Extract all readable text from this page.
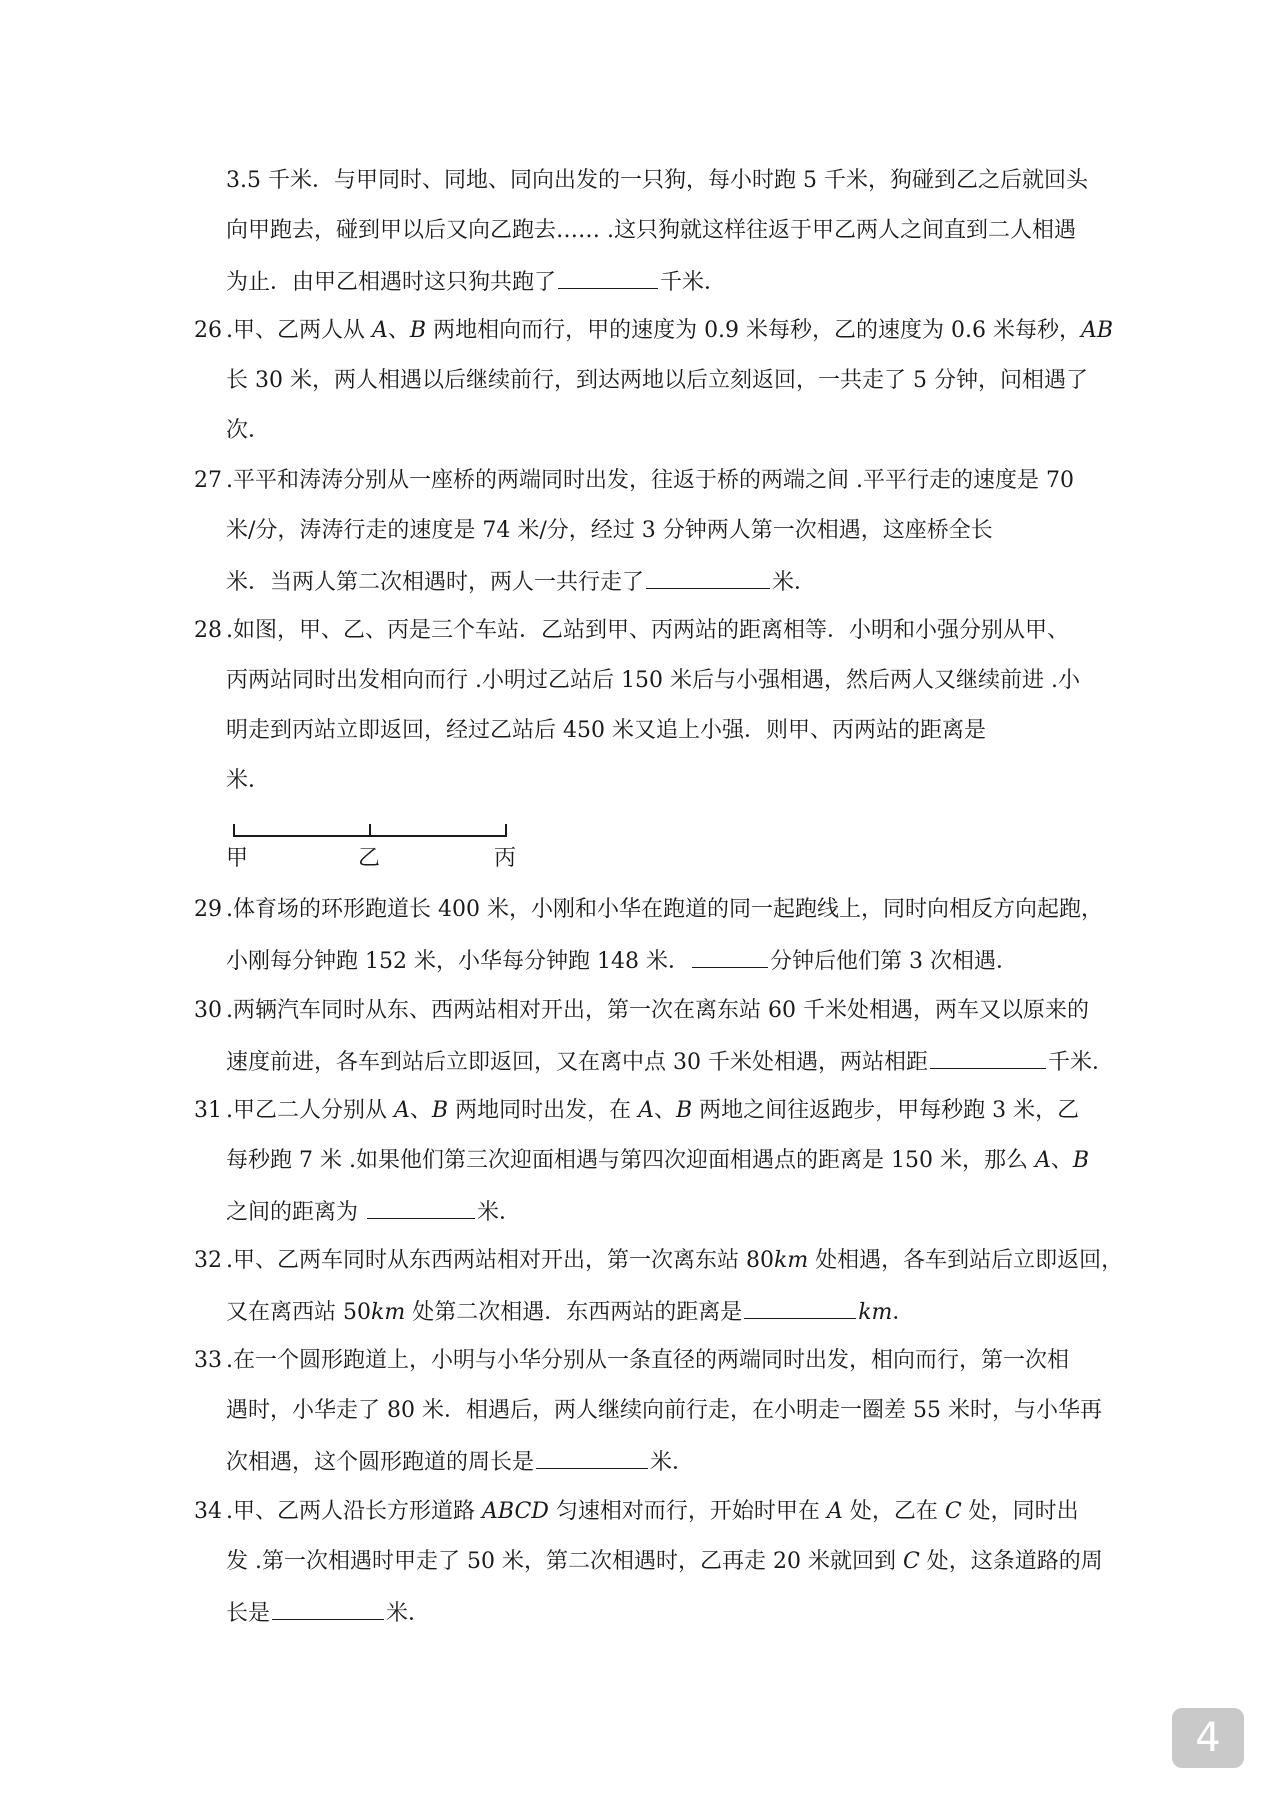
3.5 千米．与甲同时、同地、同向出发的一只狗，每小时跑 5 千米，狗碰到乙之后就回头
向甲跑去，碰到甲以后又向乙跑去…… .这只狗就这样往返于甲乙两人之间直到二人相遇
为止．由甲乙相遇时这只狗共跑了	千米．
26 .甲、乙两人从 A、B 两地相向而行，甲的速度为 0.9 米每秒，乙的速度为 0.6 米每秒，AB
长 30 米，两人相遇以后继续前行，到达两地以后立刻返回，一共走了 5 分钟，问相遇了
次．
27 .平平和涛涛分别从一座桥的两端同时出发，往返于桥的两端之间 .平平行走的速度是 70
米/分，涛涛行走的速度是 74 米/分，经过 3 分钟两人第一次相遇，这座桥全长
米．当两人第二次相遇时，两人一共行走了	米．
28 .如图，甲、乙、丙是三个车站．乙站到甲、丙两站的距离相等．小明和小强分别从甲、
丙两站同时出发相向而行 .小明过乙站后 150 米后与小强相遇，然后两人又继续前进 .小
明走到丙站立即返回，经过乙站后 450 米又追上小强．则甲、丙两站的距离是
米．
甲	乙	丙
29 .体育场的环形跑道长 400 米，小刚和小华在跑道的同一起跑线上，同时向相反方向起跑，
小刚每分钟跑 152 米，小华每分钟跑 148 米．	分钟后他们第 3 次相遇．
30 .两辆汽车同时从东、西两站相对开出，第一次在离东站 60 千米处相遇，两车又以原来的
速度前进，各车到站后立即返回，又在离中点 30 千米处相遇，两站相距	千米．
31 .甲乙二人分别从 A、B 两地同时出发，在 A、B 两地之间往返跑步，甲每秒跑 3 米，乙
每秒跑 7 米 .如果他们第三次迎面相遇与第四次迎面相遇点的距离是 150 米，那么 A、B
之间的距离为	米．
32 .甲、乙两车同时从东西两站相对开出，第一次离东站 80km 处相遇，各车到站后立即返回，
又在离西站 50km 处第二次相遇．东西两站的距离是	km．
33 .在一个圆形跑道上，小明与小华分别从一条直径的两端同时出发，相向而行，第一次相
遇时，小华走了 80 米．相遇后，两人继续向前行走，在小明走一圈差 55 米时，与小华再
次相遇，这个圆形跑道的周长是	米．
34 .甲、乙两人沿长方形道路 ABCD 匀速相对而行，开始时甲在 A 处，乙在 C 处，同时出
发 .第一次相遇时甲走了 50 米，第二次相遇时，乙再走 20 米就回到 C 处，这条道路的周
长是	米．
4
